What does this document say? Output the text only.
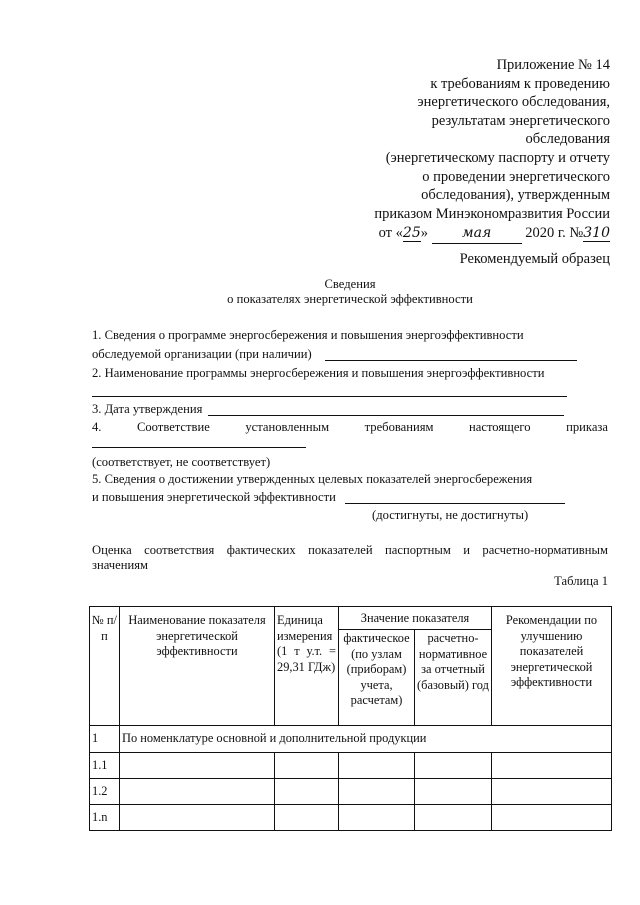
Приложение № 14
к требованиям к проведению
энергетического обследования,
результатам энергетического
обследования
(энергетическому паспорту и отчету
о проведении энергетического
обследования), утвержденным
приказом Минэкономразвития России
от «25» мая 2020 г. №310
Рекомендуемый образец
Сведения
о показателях энергетической эффективности
1. Сведения о программе энергосбережения и повышения энергоэффективности
обследуемой организации (при наличии)
2. Наименование программы энергосбережения и повышения энергоэффективности
3. Дата утверждения
4.	Соответствие	установленным	требованиям	настоящего	приказа
(соответствует, не соответствует)
5. Сведения о достижении утвержденных целевых показателей энергосбережения
и повышения энергетической эффективности
(достигнуты, не достигнуты)
Оценка соответствия фактических показателей паспортным и расчетно-нормативным
значениям
Таблица 1
№ п/п	Наименование показателя энергетической эффективности	Единица измерения (1 т у.т. = 29,31 ГДж)	Значение показателя		Рекомендации по улучшению показателей энергетической эффективности
			фактическое (по узлам (приборам) учета, расчетам)	расчетно-нормативное за отчетный (базовый) год	
1	По номенклатуре основной и дополнительной продукции				
1.1					
1.2					
1.n					
